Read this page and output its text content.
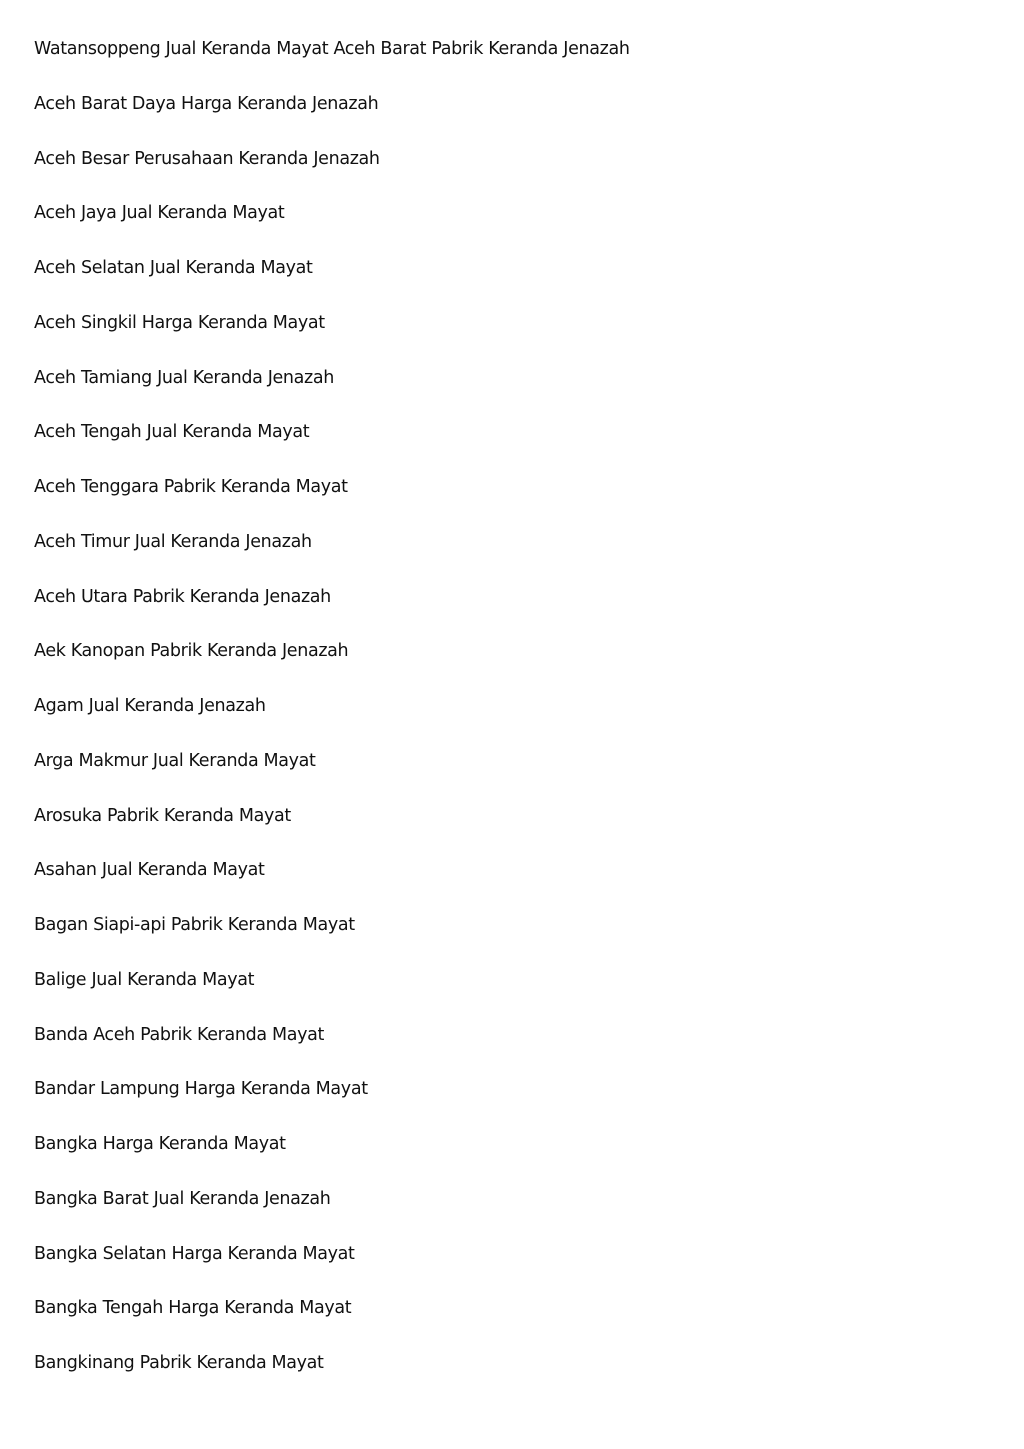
Watansoppeng Jual Keranda Mayat Aceh Barat Pabrik Keranda Jenazah
Aceh Barat Daya Harga Keranda Jenazah
Aceh Besar Perusahaan Keranda Jenazah
Aceh Jaya Jual Keranda Mayat
Aceh Selatan Jual Keranda Mayat
Aceh Singkil Harga Keranda Mayat
Aceh Tamiang Jual Keranda Jenazah
Aceh Tengah Jual Keranda Mayat
Aceh Tenggara Pabrik Keranda Mayat
Aceh Timur Jual Keranda Jenazah
Aceh Utara Pabrik Keranda Jenazah
Aek Kanopan Pabrik Keranda Jenazah
Agam Jual Keranda Jenazah
Arga Makmur Jual Keranda Mayat
Arosuka Pabrik Keranda Mayat
Asahan Jual Keranda Mayat
Bagan Siapi-api Pabrik Keranda Mayat
Balige Jual Keranda Mayat
Banda Aceh Pabrik Keranda Mayat
Bandar Lampung Harga Keranda Mayat
Bangka Harga Keranda Mayat
Bangka Barat Jual Keranda Jenazah
Bangka Selatan Harga Keranda Mayat
Bangka Tengah Harga Keranda Mayat
Bangkinang Pabrik Keranda Mayat
